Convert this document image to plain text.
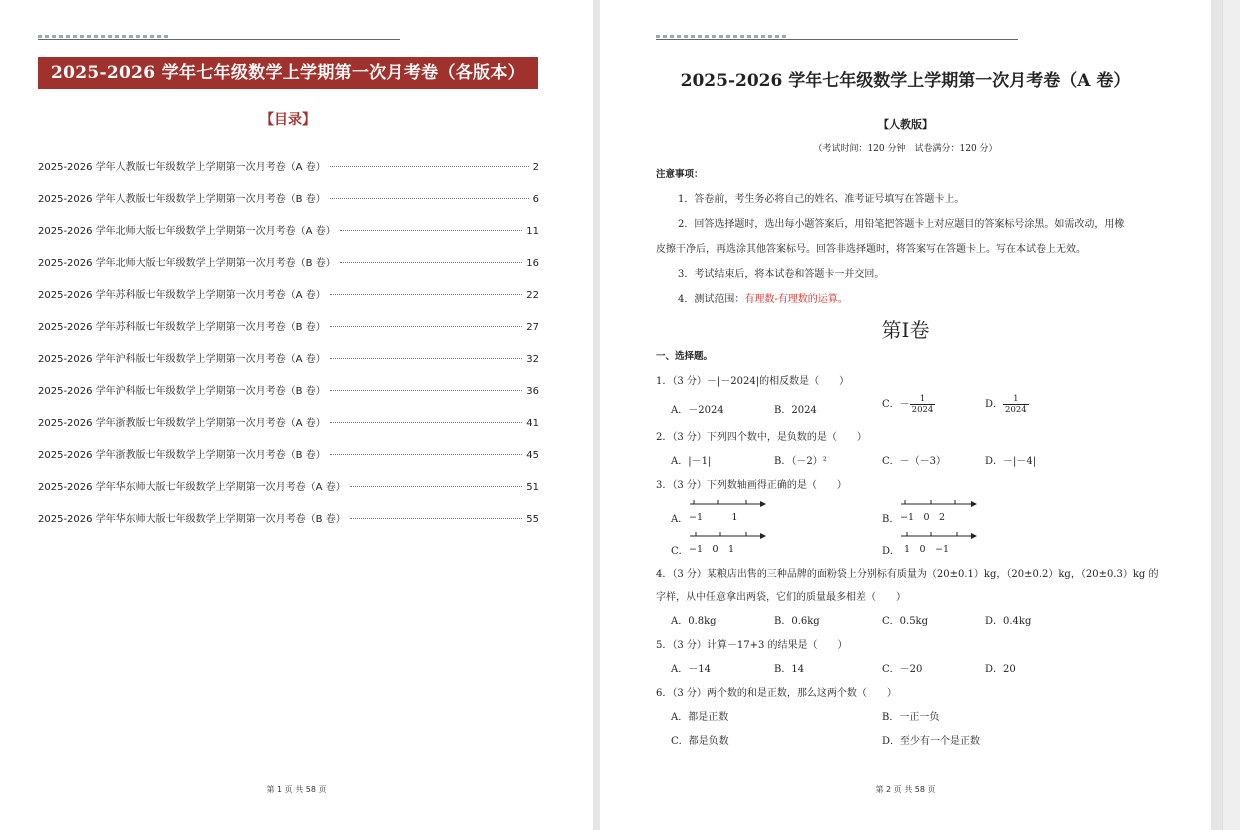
2025-2026 学年七年级数学上学期第一次月考卷（各版本）
【目录】
2025-2026 学年人教版七年级数学上学期第一次月考卷（A 卷）	2
2025-2026 学年人教版七年级数学上学期第一次月考卷（B 卷）	6
2025-2026 学年北师大版七年级数学上学期第一次月考卷（A 卷）	11
2025-2026 学年北师大版七年级数学上学期第一次月考卷（B 卷）	16
2025-2026 学年苏科版七年级数学上学期第一次月考卷（A 卷）	22
2025-2026 学年苏科版七年级数学上学期第一次月考卷（B 卷）	27
2025-2026 学年沪科版七年级数学上学期第一次月考卷（A 卷）	32
2025-2026 学年沪科版七年级数学上学期第一次月考卷（B 卷）	36
2025-2026 学年浙教版七年级数学上学期第一次月考卷（A 卷）	41
2025-2026 学年浙教版七年级数学上学期第一次月考卷（B 卷）	45
2025-2026 学年华东师大版七年级数学上学期第一次月考卷（A 卷）	51
2025-2026 学年华东师大版七年级数学上学期第一次月考卷（B 卷）	55
第 1 页 共 58 页
2025-2026 学年七年级数学上学期第一次月考卷（A 卷）
【人教版】
（考试时间：120 分钟　试卷满分：120 分）
注意事项：
1．答卷前，考生务必将自己的姓名、准考证号填写在答题卡上。
2．回答选择题时，选出每小题答案后，用铅笔把答题卡上对应题目的答案标号涂黑。如需改动，用橡
皮擦干净后，再选涂其他答案标号。回答非选择题时，将答案写在答题卡上。写在本试卷上无效。
3．考试结束后，将本试卷和答题卡一并交回。
4．测试范围：有理数-有理数的运算。
第Ⅰ卷
一、选择题。
1．（3 分）－|－2024|的相反数是（　　）
A．－2024	B．2024
C．－ $\frac{1}{2024}$	D． $\frac{1}{2024}$
2．（3 分）下列四个数中，是负数的是（　　）
A．|－1|	B．（－2）²	C．－（－3）	D．－|－4|
3．（3 分）下列数轴画得正确的是（　　）
A． −1　　　1	B． −1　0　2
C． −1　0　1	D． 1　0　−1
4．（3 分）某粮店出售的三种品牌的面粉袋上分别标有质量为（20±0.1）kg，（20±0.2）kg，（20±0.3）kg 的
字样，从中任意拿出两袋，它们的质量最多相差（　　）
A．0.8kg	B．0.6kg	C．0.5kg	D．0.4kg
5．（3 分）计算－17+3 的结果是（　　）
A．－14	B．14	C．－20	D．20
6．（3 分）两个数的和是正数，那么这两个数（　　）
A．都是正数	B．一正一负
C．都是负数	D．至少有一个是正数
第 2 页 共 58 页
